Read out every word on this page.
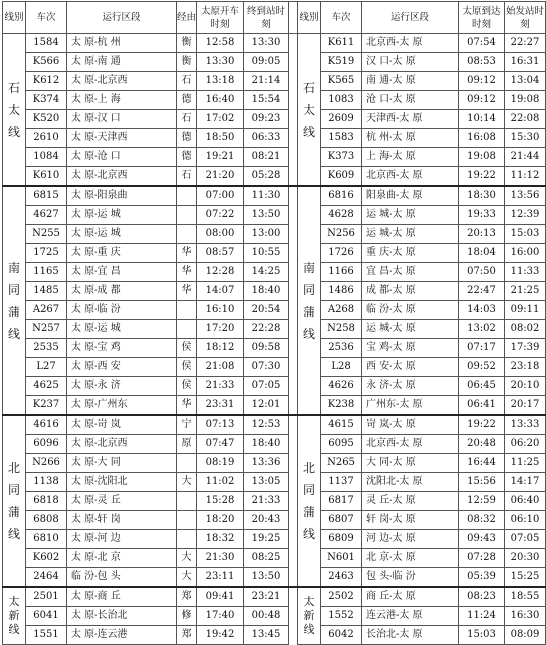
线别	车次	运行区段	经由	太原开车时刻	终到站时刻		线别	车次	运行区段	太原到达时刻	始发站时刻
石太线	1584	太 原-杭 州	衡	12:58	13:30		石太线	K611	北京西-太 原	07:54	22:27
	K566	太 原-南 通	衡	13:30	09:05			K519	汉 口-太 原	08:53	16:31
	K612	太 原-北京西	石	13:18	21:14			K565	南 通-太 原	09:12	13:04
	K374	太 原-上 海	德	16:40	15:54			1083	沧 口-太 原	09:12	19:08
	K520	太 原-汉 口	石	17:02	09:23			2609	天津西-太 原	10:14	22:08
	2610	太 原-天津西	德	18:50	06:33			1583	杭 州-太 原	16:08	15:30
	1084	太 原-沧 口	德	19:21	08:21			K373	上 海-太 原	19:08	21:44
	K610	太 原-北京西	石	21:20	05:28			K609	北京西-太 原	19:22	11:12
南同蒲线	6815	太 原-阳泉曲		07:00	11:30		南同蒲线	6816	阳泉曲-太 原	18:30	13:56
	4627	太 原-运 城		07:22	13:50			4628	运 城-太 原	19:33	12:39
	N255	太 原-运 城		08:00	13:00			N256	运 城-太 原	20:13	15:03
	1725	太 原-重 庆	华	08:57	10:55			1726	重 庆-太 原	18:04	16:00
	1165	太 原-宜 昌	华	12:28	14:25			1166	宜 昌-太 原	07:50	11:33
	1485	太 原-成 都	华	14:07	18:40			1486	成 都-太 原	22:47	21:25
	A267	太 原-临 汾		16:10	20:54			A268	临 汾-太 原	14:03	09:11
	N257	太 原-运 城		17:20	22:28			N258	运 城-太 原	13:02	08:02
	2535	太 原-宝 鸡	侯	18:12	09:58			2536	宝 鸡-太 原	07:17	17:39
	L27	太 原-西 安	侯	21:08	07:30			L28	西 安-太 原	09:52	23:18
	4625	太 原-永 济	侯	21:33	07:05			4626	永 济-太 原	06:45	20:10
	K237	太 原-广州东	华	23:31	12:01			K238	广州东-太 原	06:41	20:17
北同蒲线	4616	太 原-岢 岚	宁	07:13	12:53		北同蒲线	4615	岢 岚-太 原	19:22	13:33
	6096	太 原-北京西	原	07:47	18:40			6095	北京西-太 原	20:48	06:20
	N266	太 原-大 同		08:19	13:36			N265	大 同-太 原	16:44	11:25
	1138	太 原-沈阳北	大	11:02	13:05			1137	沈阳北-太 原	15:56	14:17
	6818	太 原-灵 丘		15:28	21:33			6817	灵 丘-太 原	12:59	06:40
	6808	太 原-轩 岗		18:20	20:43			6807	轩 岗-太 原	08:32	06:10
	6810	太 原-河 边		18:32	19:25			6809	河 边-太 原	09:43	07:05
	K602	太 原-北 京	大	21:30	08:25			N601	北 京-太 原	07:28	20:30
	2464	临 汾-包 头	大	23:11	13:50			2463	包 头-临 汾	05:39	15:25
太新线	2501	太 原-商 丘	郑	09:41	23:21		太新线	2502	商 丘-太 原	08:23	18:55
	6041	太 原-长治北	修	17:40	00:48			1552	连云港-太 原	11:24	16:30
	1551	太 原-连云港	郑	19:42	13:45			6042	长治北-太 原	15:03	08:09
